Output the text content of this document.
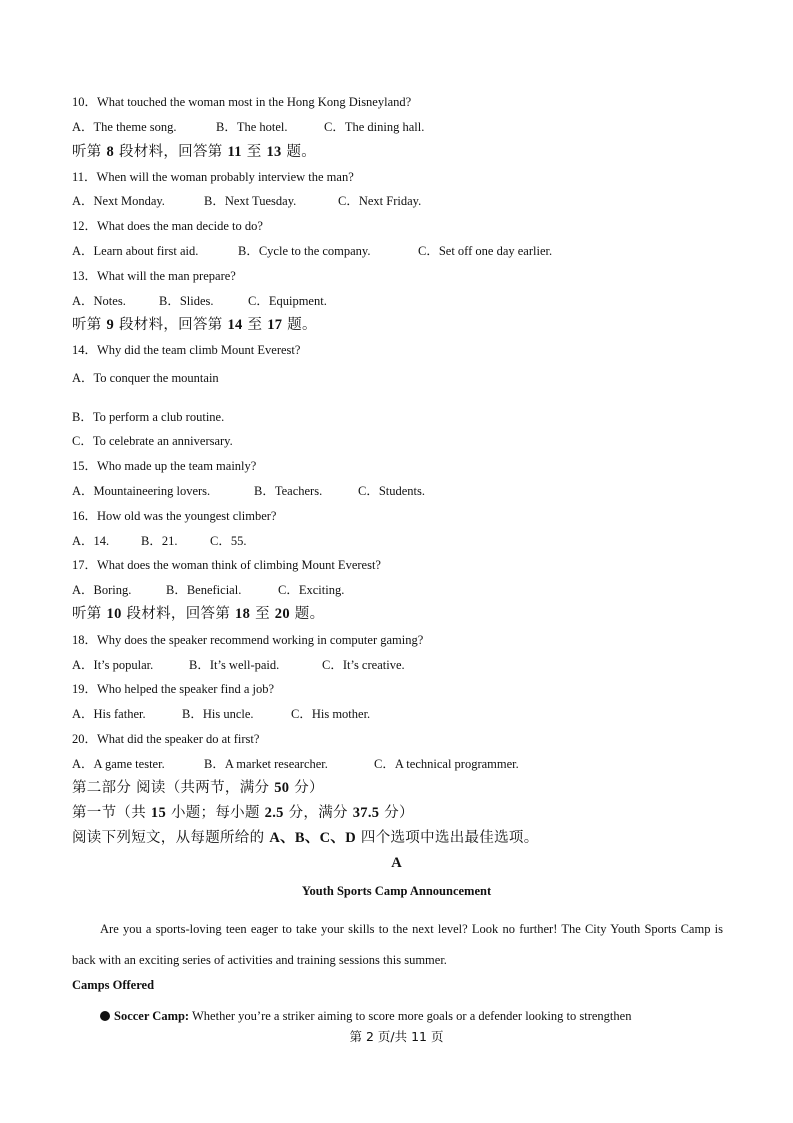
10．What touched the woman most in the Hong Kong Disneyland?
A．The theme song.	B．The hotel.	C．The dining hall.
听第 8 段材料，回答第 11 至 13 题。
11．When will the woman probably interview the man?
A．Next Monday.	B．Next Tuesday.	C．Next Friday.
12．What does the man decide to do?
A．Learn about first aid.	B．Cycle to the company.	C．Set off one day earlier.
13．What will the man prepare?
A．Notes.	B．Slides.	C．Equipment.
听第 9 段材料，回答第 14 至 17 题。
14．Why did the team climb Mount Everest?
A．To conquer the mountain
B．To perform a club routine.
C．To celebrate an anniversary.
15．Who made up the team mainly?
A．Mountaineering lovers.	B．Teachers.	C．Students.
16．How old was the youngest climber?
A．14.	B．21.	C．55.
17．What does the woman think of climbing Mount Everest?
A．Boring.	B．Beneficial.	C．Exciting.
听第 10 段材料，回答第 18 至 20 题。
18．Why does the speaker recommend working in computer gaming?
A．It’s popular.	B．It’s well-paid.	C．It’s creative.
19．Who helped the speaker find a job?
A．His father.	B．His uncle.	C．His mother.
20．What did the speaker do at first?
A．A game tester.	B．A market researcher.	C．A technical programmer.
第二部分 阅读（共两节，满分 50 分）
第一节（共 15 小题；每小题 2.5 分，满分 37.5 分）
阅读下列短文，从每题所给的 A、B、C、D 四个选项中选出最佳选项。
A
Youth Sports Camp Announcement
Are you a sports-loving teen eager to take your skills to the next level? Look no further! The City Youth Sports Camp is back with an exciting series of activities and training sessions this summer.
Camps Offered
Soccer Camp: Whether you’re a striker aiming to score more goals or a defender looking to strengthen
第 2 页/共 11 页
